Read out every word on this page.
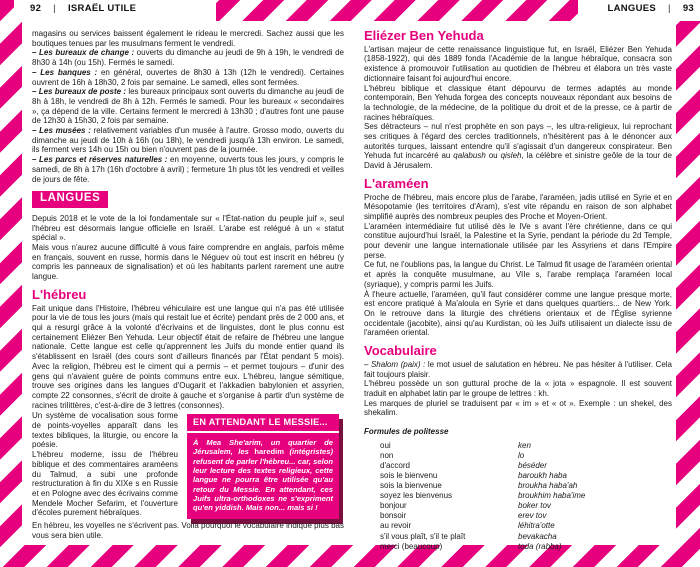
92 | ISRAËL UTILE	LANGUES | 93

magasins ou services baissent également le rideau le mercredi. Sachez aussi que les boutiques tenues par les musulmans ferment le vendredi.

– Les bureaux de change : ouverts du dimanche au jeudi de 9h à 19h, le vendredi de 8h30 à 14h (ou 15h). Fermés le samedi.

– Les banques : en général, ouvertes de 8h30 à 13h (12h le vendredi). Certaines ouvrent de 16h à 18h30, 2 fois par semaine. Le samedi, elles sont fermées.

– Les bureaux de poste : les bureaux principaux sont ouverts du dimanche au jeudi de 8h à 18h, le vendredi de 8h à 12h. Fermés le samedi. Pour les bureaux « secondaires », ça dépend de la ville. Certains ferment le mercredi à 13h30 ; d'autres font une pause de 12h30 à 15h30, 2 fois par semaine.

– Les musées : relativement variables d'un musée à l'autre. Grosso modo, ouverts du dimanche au jeudi de 10h à 16h (ou 18h), le vendredi jusqu'à 13h environ. Le samedi, ils ferment vers 14h ou 15h ou bien n'ouvrent pas de la journée.

– Les parcs et réserves naturelles : en moyenne, ouverts tous les jours, y compris le samedi, de 8h à 17h (16h d'octobre à avril) ; fermeture 1h plus tôt les vendredi et veilles de jours de fête.

LANGUES

Depuis 2018 et le vote de la loi fondamentale sur « l'État-nation du peuple juif », seul l'hébreu est désormais langue officielle en Israël. L'arabe est relégué à un « statut spécial ».

Mais vous n'aurez aucune difficulté à vous faire comprendre en anglais, parfois même en français, souvent en russe, hormis dans le Néguev où tout est inscrit en hébreu (y compris les panneaux de signalisation) et où les habitants parlent rarement une autre langue.

L'hébreu

Fait unique dans l'Histoire, l'hébreu véhiculaire est une langue qui n'a pas été utilisée pour la vie de tous les jours (mais qui restait lue et écrite) pendant près de 2 000 ans, et qui a resurgi grâce à la volonté d'écrivains et de linguistes, dont le plus connu est certainement Eliézer Ben Yehuda. Leur objectif était de refaire de l'hébreu une langue nationale. Cette langue est celle qu'apprennent les Juifs du monde entier quand ils s'établissent en Israël (des cours sont d'ailleurs financés par l'État pendant 5 mois). Avec la religion, l'hébreu est le ciment qui a permis – et permet toujours – d'unir des gens qui n'avaient guère de points communs entre eux. L'hébreu, langue sémitique, trouve ses origines dans les langues d'Ougarit et l'akkadien babylonien et assyrien, compte 22 consonnes, s'écrit de droite à gauche et s'organise à partir d'un système de racines trilittères, c'est-à-dire de 3 lettres (consonnes).

Un système de vocalisation sous forme de points-voyelles apparaît dans les textes bibliques, la liturgie, ou encore la poésie.

L'hébreu moderne, issu de l'hébreu biblique et des commentaires araméens du Talmud, a subi une profonde restructuration à fin du XIXe s en Russie et en Pologne avec des écrivains comme Mendele Mocher Sefarim, et l'ouverture d'écoles purement hébraïques.

EN ATTENDANT LE MESSIE...
À Mea She'arim, un quartier de Jérusalem, les haredim (intégristes) refusent de parler l'hébreu... car, selon leur lecture des textes religieux, cette langue ne pourra être utilisée qu'au retour du Messie. En attendant, ces Juifs ultra-orthodoxes ne s'expriment qu'en yiddish. Mais non... mais si !

En hébreu, les voyelles ne s'écrivent pas. Voilà pourquoi le vocabulaire indiqué plus bas vous sera bien utile.

Eliézer Ben Yehuda

L'artisan majeur de cette renaissance linguistique fut, en Israël, Eliézer Ben Yehuda (1858-1922), qui dès 1889 fonda l'Académie de la langue hébraïque, consacra son existence à promouvoir l'utilisation au quotidien de l'hébreu et élabora un très vaste dictionnaire faisant foi aujourd'hui encore.

L'hébreu biblique et classique étant dépourvu de termes adaptés au monde contemporain, Ben Yehuda forgea des concepts nouveaux répondant aux besoins de la technologie, de la médecine, de la politique du droit et de la presse, ce à partir de racines hébraïques.

Ses détracteurs – nul n'est prophète en son pays –, les ultra-religieux, lui reprochant ses critiques à l'égard des cercles traditionnels, n'hésitèrent pas à le dénoncer aux autorités turques, laissant entendre qu'il s'agissait d'un dangereux conspirateur. Ben Yehuda fut incarcéré au qalabush ou qisleh, la célèbre et sinistre geôle de la tour de David à Jérusalem.

L'araméen

Proche de l'hébreu, mais encore plus de l'arabe, l'araméen, jadis utilisé en Syrie et en Mésopotamie (les territoires d'Aram), s'est vite répandu en raison de son alphabet simplifié auprès des nombreux peuples des Proche et Moyen-Orient.

L'araméen intermédiaire fut utilisé dès le IVe s avant l'ère chrétienne, dans ce qui constitue aujourd'hui Israël, la Palestine et la Syrie, pendant la période du 2d Temple, pour devenir une langue internationale utilisée par les Assyriens et dans l'Empire perse.

Ce fut, ne l'oublions pas, la langue du Christ. Le Talmud fit usage de l'araméen oriental et après la conquête musulmane, au VIIe s, l'arabe remplaça l'araméen local (syriaque), y compris parmi les Juifs.

À l'heure actuelle, l'araméen, qu'il faut considérer comme une langue presque morte, est encore pratiqué à Ma'aloula en Syrie et dans quelques quartiers... de New York. On le retrouve dans la liturgie des chrétiens orientaux et de l'Église syrienne occidentale (jacobite), ainsi qu'au Kurdistan, où les Juifs utilisaient un dialecte issu de l'araméen oriental.

Vocabulaire

– Shalom (paix) : le mot usuel de salutation en hébreu. Ne pas hésiter à l'utiliser. Cela fait toujours plaisir.

L'hébreu possède un son guttural proche de la « jota » espagnole. Il est souvent traduit en alphabet latin par le groupe de lettres : kh.

Les marques de pluriel se traduisent par « im » et « ot ». Exemple : un shekel, des shekalim.

Formules de politesse
oui	ken
non	lo
d'accord	béséder
sois le bienvenu	baroukh haba
sois la bienvenue	broukha haba'ah
soyez les bienvenus	broukhim haba'ime
bonjour	boker tov
bonsoir	erev tov
au revoir	léhitra'otte
s'il vous plaît, s'il te plaît	bevakacha
merci (beaucoup)	toda (rabba)
